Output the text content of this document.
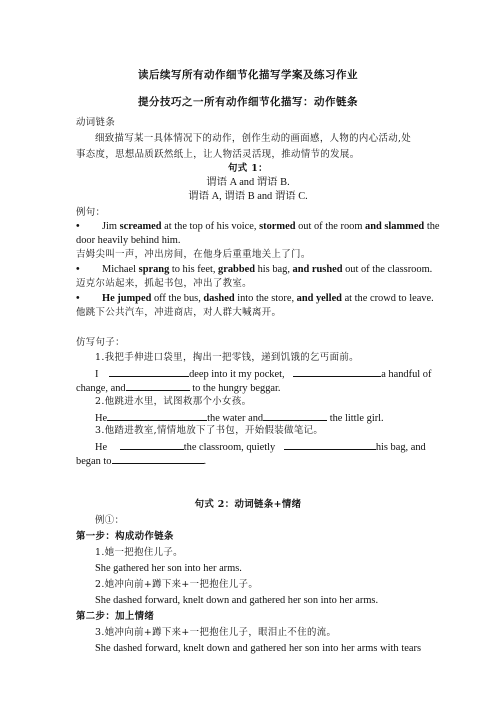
读后续写所有动作细节化描写学案及练习作业
提分技巧之一所有动作细节化描写：动作链条
动词链条
细致描写某一具体情况下的动作，创作生动的画面感，人物的内心活动,处
事态度，思想品质跃然纸上，让人物活灵活现，推动情节的发展。
句式 1：
谓语 A and 谓语 B.
谓语 A, 谓语 B and 谓语 C.
例句：
• Jim screamed at the top of his voice, stormed out of the room and slammed the
door heavily behind him.
吉姆尖叫一声，冲出房间，在他身后重重地关上了门。
• Michael sprang to his feet, grabbed his bag, and rushed out of the classroom.
迈克尔站起来，抓起书包，冲出了教室。
• He jumped off the bus, dashed into the store, and yelled at the crowd to leave.
他跳下公共汽车，冲进商店，对人群大喊离开。
仿写句子：
1.我把手伸进口袋里，掏出一把零钱，递到饥饿的乞丐面前。
I	deep into it my pocket,	a handful of
change, and	to the hungry beggar.
2.他跳进水里，试图救那个小女孩。
He	the water and	the little girl.
3.他踏进教室,情情地放下了书包，开始假装做笔记。
He	the classroom, quietly	his bag, and
began to	.
句式 2：动词链条+情绪
例①：
第一步：构成动作链条
1.她一把抱住儿子。
She gathered her son into her arms.
2.她冲向前+蹲下来+一把抱住儿子。
She dashed forward, knelt down and gathered her son into her arms.
第二步：加上情绪
3.她冲向前+蹲下来+一把抱住儿子，眼泪止不住的流。
She dashed forward, knelt down and gathered her son into her arms with tears
